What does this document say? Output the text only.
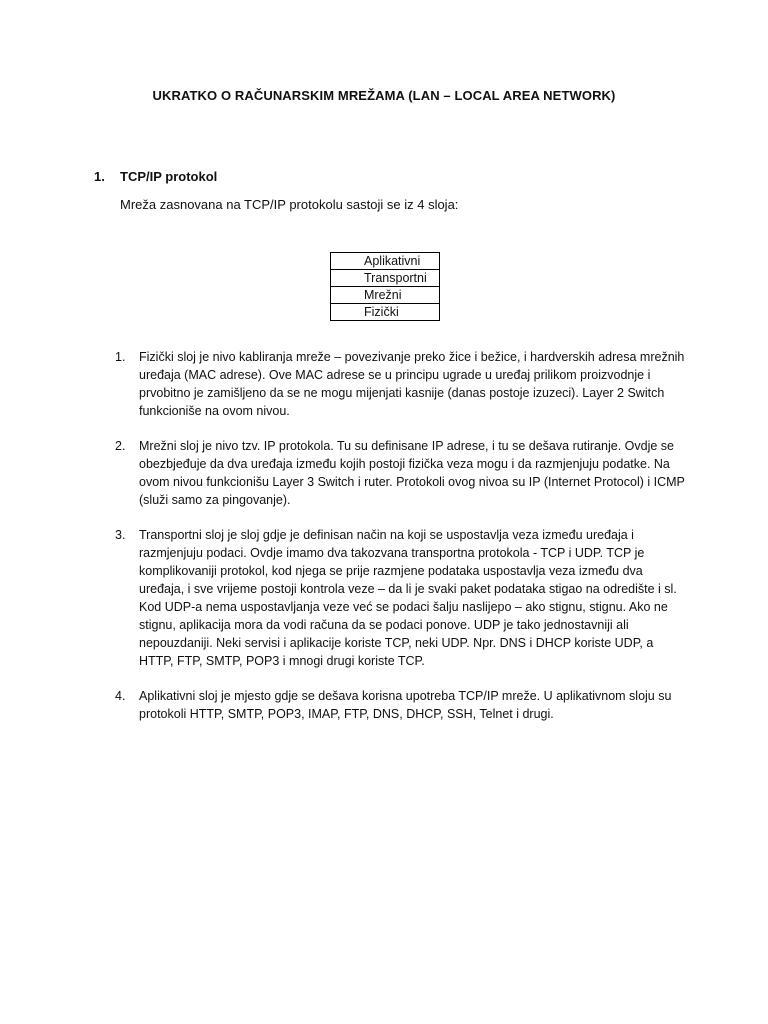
UKRATKO O RAČUNARSKIM MREŽAMA (LAN – LOCAL AREA NETWORK)
1. TCP/IP protokol
Mreža zasnovana na TCP/IP protokolu sastoji se iz 4 sloja:
Aplikativni
Transportni
Mrežni
Fizički
1. Fizički sloj je nivo kabliranja mreže – povezivanje preko žice i bežice, i hardverskih adresa mrežnih uređaja (MAC adrese). Ove MAC adrese se u principu ugrade u uređaj prilikom proizvodnje i prvobitno je zamišljeno da se ne mogu mijenjati kasnije (danas postoje izuzeci). Layer 2 Switch funkcioniše na ovom nivou.
2. Mrežni sloj je nivo tzv. IP protokola. Tu su definisane IP adrese, i tu se dešava rutiranje. Ovdje se obezbjeđuje da dva uređaja između kojih postoji fizička veza mogu i da razmjenjuju podatke. Na ovom nivou funkcionišu Layer 3 Switch i ruter. Protokoli ovog nivoa su IP (Internet Protocol) i ICMP (služi samo za pingovanje).
3. Transportni sloj je sloj gdje je definisan način na koji se uspostavlja veza između uređaja i razmjenjuju podaci. Ovdje imamo dva takozvana transportna protokola - TCP i UDP. TCP je komplikovaniji protokol, kod njega se prije razmjene podataka uspostavlja veza između dva uređaja, i sve vrijeme postoji kontrola veze – da li je svaki paket podataka stigao na odredište i sl. Kod UDP-a nema uspostavljanja veze već se podaci šalju naslijepo – ako stignu, stignu. Ako ne stignu, aplikacija mora da vodi računa da se podaci ponove. UDP je tako jednostavniji ali nepouzdaniji. Neki servisi i aplikacije koriste TCP, neki UDP. Npr. DNS i DHCP koriste UDP, a HTTP, FTP, SMTP, POP3 i mnogi drugi koriste TCP.
4. Aplikativni sloj je mjesto gdje se dešava korisna upotreba TCP/IP mreže. U aplikativnom sloju su protokoli HTTP, SMTP, POP3, IMAP, FTP, DNS, DHCP, SSH, Telnet i drugi.
